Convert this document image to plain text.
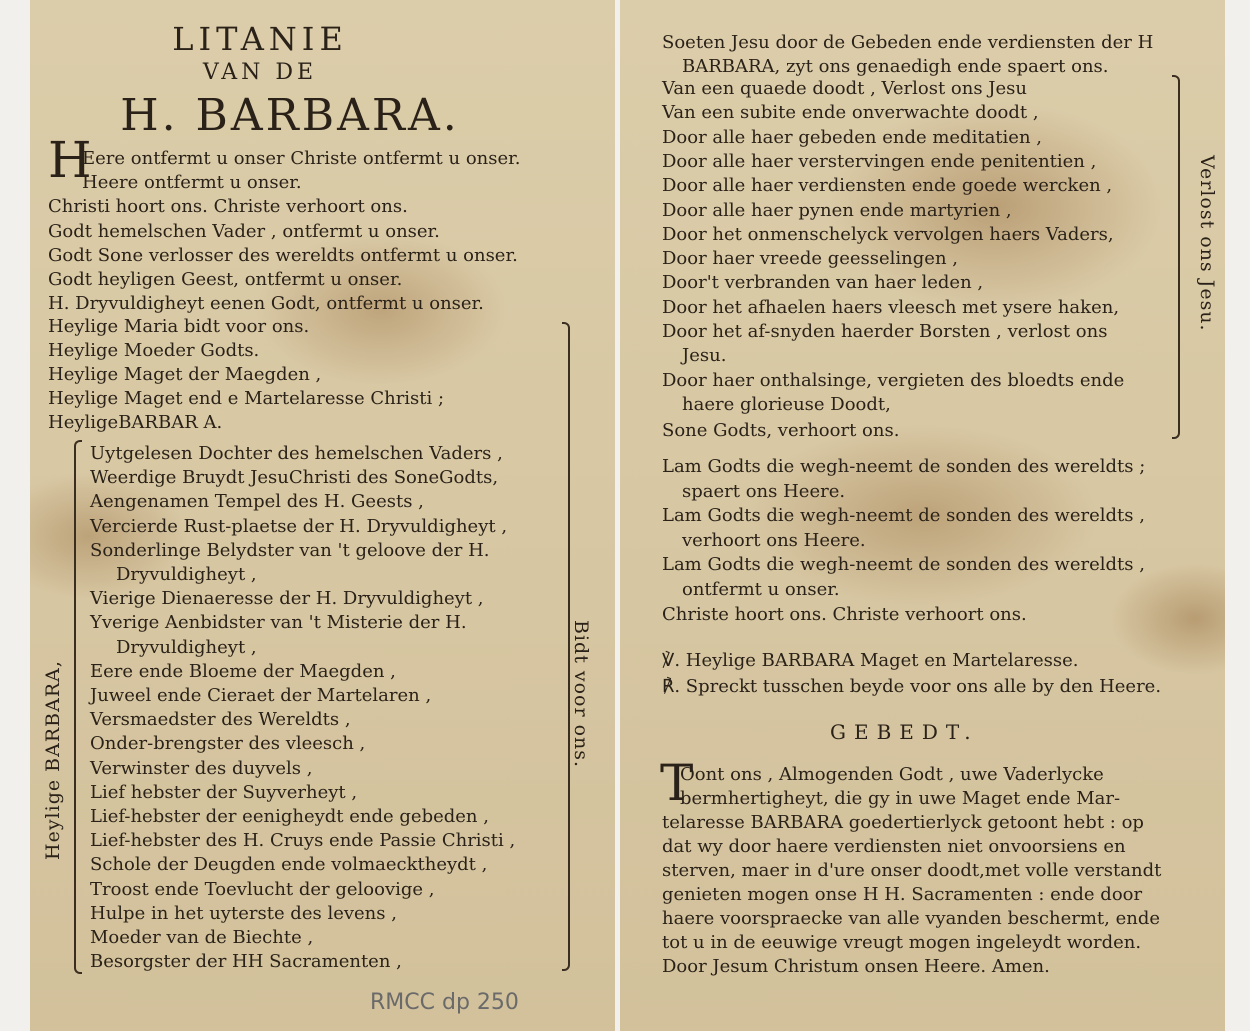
LITANIE
VAN DE
H. BARBARA.
H
Eere ontfermt u onser Christe ontfermt u onser.
Heere ontfermt u onser.
Christi hoort ons. Christe verhoort ons.
Godt hemelschen Vader , ontfermt u onser.
Godt Sone verlosser des wereldts ontfermt u onser.
Godt heyligen Geest, ontfermt u onser.
H. Dryvuldigheyt eenen Godt, ontfermt u onser.
Heylige Maria bidt voor ons.
Heylige Moeder Godts.
Heylige Maget der Maegden ,
Heylige Maget end e Martelaresse Christi ;
HeyligeBARBAR A.
Uytgelesen Dochter des hemelschen Vaders ,
Weerdige Bruydt JesuChristi des SoneGodts,
Aengenamen Tempel des H. Geests ,
Vercierde Rust-plaetse der H. Dryvuldigheyt ,
Sonderlinge Belydster van 't geloove der H.
Dryvuldigheyt ,
Vierige Dienaeresse der H. Dryvuldigheyt ,
Yverige Aenbidster van 't Misterie der H.
Dryvuldigheyt ,
Eere ende Bloeme der Maegden ,
Juweel ende Cieraet der Martelaren ,
Versmaedster des Wereldts ,
Onder-brengster des vleesch ,
Verwinster des duyvels ,
Lief hebster der Suyverheyt ,
Lief-hebster der eenigheydt ende gebeden ,
Lief-hebster des H. Cruys ende Passie Christi ,
Schole der Deugden ende volmaecktheydt ,
Troost ende Toevlucht der geloovige ,
Hulpe in het uyterste des levens ,
Moeder van de Biechte ,
Besorgster der HH Sacramenten ,
Heylige BARBARA,	Bidt voor ons.
RMCC dp 250
Soeten Jesu door de Gebeden ende verdiensten der H
BARBARA, zyt ons genaedigh ende spaert ons.
Van een quaede doodt , Verlost ons Jesu
Van een subite ende onverwachte doodt ,
Door alle haer gebeden ende meditatien ,
Door alle haer verstervingen ende penitentien ,
Door alle haer verdiensten ende goede wercken ,
Door alle haer pynen ende martyrien ,
Door het onmenschelyck vervolgen haers Vaders,
Door haer vreede geesselingen ,
Door't verbranden van haer leden ,
Door het afhaelen haers vleesch met ysere haken,
Door het af-snyden haerder Borsten , verlost ons
Jesu.
Door haer onthalsinge, vergieten des bloedts ende
haere glorieuse Doodt,
Verlost ons Jesu.
Sone Godts, verhoort ons.
Lam Godts die wegh-neemt de sonden des wereldts ;
spaert ons Heere.
Lam Godts die wegh-neemt de sonden des wereldts ,
verhoort ons Heere.
Lam Godts die wegh-neemt de sonden des wereldts ,
ontfermt u onser.
Christe hoort ons. Christe verhoort ons.
℣. Heylige BARBARA Maget en Martelaresse.
℟. Spreckt tusschen beyde voor ons alle by den Heere.
GEBEDT.
T
Oont ons , Almogenden Godt , uwe Vaderlycke
bermhertigheyt, die gy in uwe Maget ende Mar-
telaresse BARBARA goedertierlyck getoont hebt : op
dat wy door haere verdiensten niet onvoorsiens en
sterven, maer in d'ure onser doodt,met volle verstandt
genieten mogen onse H H. Sacramenten : ende door
haere voorspraecke van alle vyanden beschermt, ende
tot u in de eeuwige vreugt mogen ingeleydt worden.
Door Jesum Christum onsen Heere. Amen.
